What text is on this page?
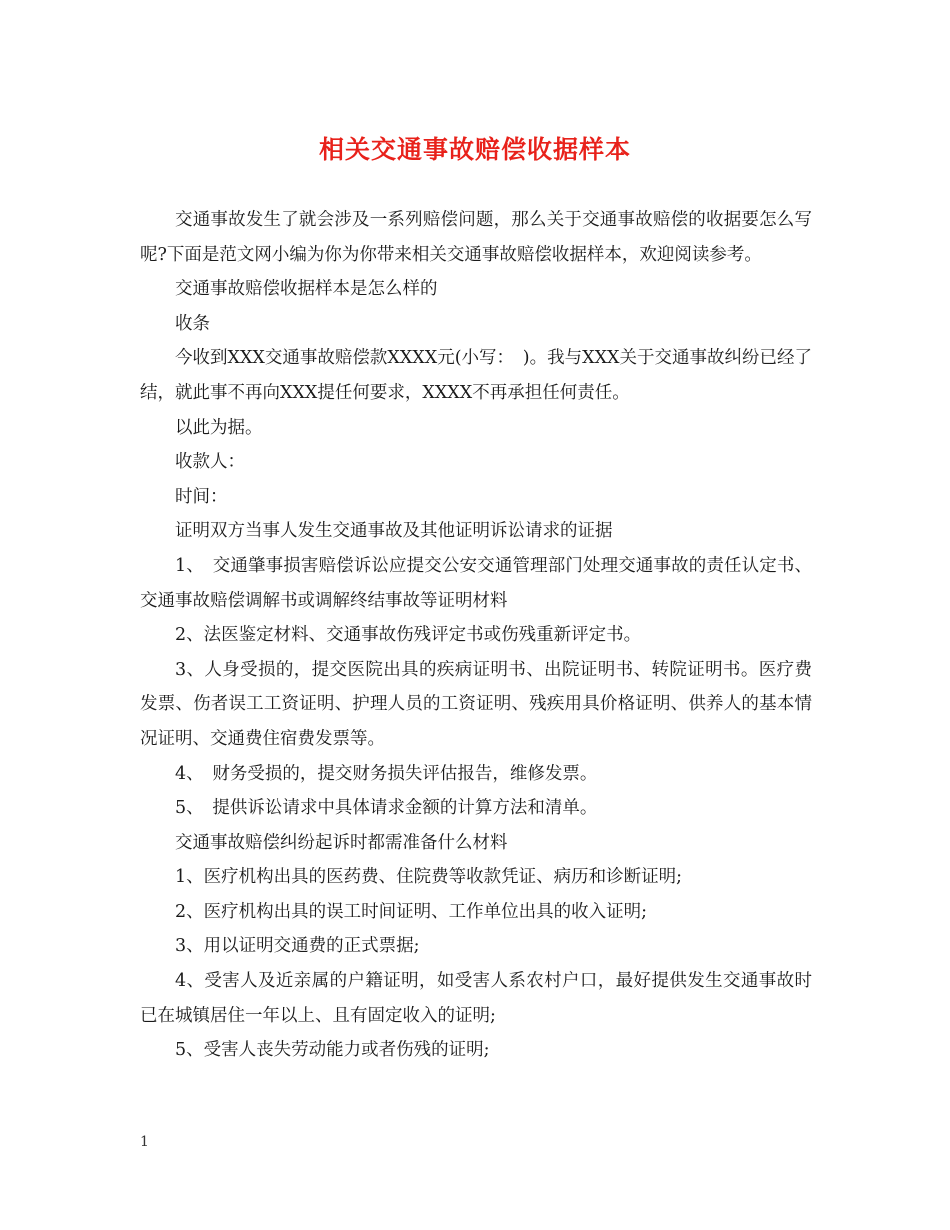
相关交通事故赔偿收据样本

交通事故发生了就会涉及一系列赔偿问题，那么关于交通事故赔偿的收据要怎么写呢?下面是范文网小编为你为你带来相关交通事故赔偿收据样本，欢迎阅读参考。

交通事故赔偿收据样本是怎么样的

收条

今收到XXX交通事故赔偿款XXXX元(小写：　)。我与XXX关于交通事故纠纷已经了结，就此事不再向XXX提任何要求，XXXX不再承担任何责任。

以此为据。

收款人：

时间：

证明双方当事人发生交通事故及其他证明诉讼请求的证据

1、　交通肇事损害赔偿诉讼应提交公安交通管理部门处理交通事故的责任认定书、交通事故赔偿调解书或调解终结事故等证明材料

2、法医鉴定材料、交通事故伤残评定书或伤残重新评定书。

3、人身受损的，提交医院出具的疾病证明书、出院证明书、转院证明书。医疗费发票、伤者误工工资证明、护理人员的工资证明、残疾用具价格证明、供养人的基本情况证明、交通费住宿费发票等。

4、　财务受损的，提交财务损失评估报告，维修发票。

5、　提供诉讼请求中具体请求金额的计算方法和清单。

交通事故赔偿纠纷起诉时都需准备什么材料

1、医疗机构出具的医药费、住院费等收款凭证、病历和诊断证明;

2、医疗机构出具的误工时间证明、工作单位出具的收入证明;

3、用以证明交通费的正式票据;

4、受害人及近亲属的户籍证明，如受害人系农村户口，最好提供发生交通事故时已在城镇居住一年以上、且有固定收入的证明;

5、受害人丧失劳动能力或者伤残的证明;

1
